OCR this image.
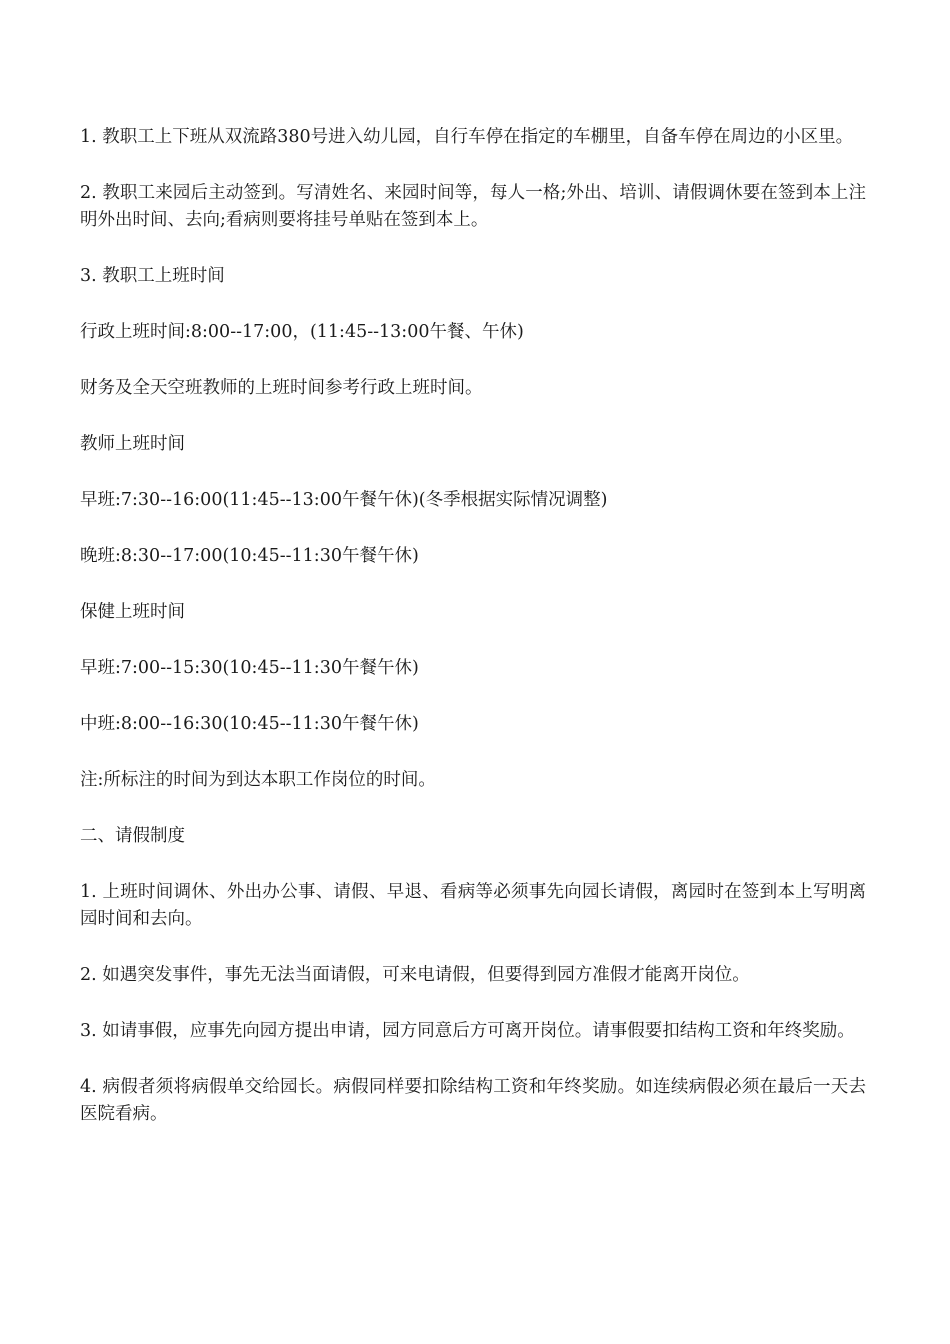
1. 教职工上下班从双流路380号进入幼儿园，自行车停在指定的车棚里，自备车停在周边的小区里。

2. 教职工来园后主动签到。写清姓名、来园时间等，每人一格;外出、培训、请假调休要在签到本上注明外出时间、去向;看病则要将挂号单贴在签到本上。

3. 教职工上班时间

行政上班时间:8:00--17:00，(11:45--13:00午餐、午休)

财务及全天空班教师的上班时间参考行政上班时间。

教师上班时间

早班:7:30--16:00(11:45--13:00午餐午休)(冬季根据实际情况调整)

晚班:8:30--17:00(10:45--11:30午餐午休)

保健上班时间

早班:7:00--15:30(10:45--11:30午餐午休)

中班:8:00--16:30(10:45--11:30午餐午休)

注:所标注的时间为到达本职工作岗位的时间。

二、请假制度

1. 上班时间调休、外出办公事、请假、早退、看病等必须事先向园长请假，离园时在签到本上写明离园时间和去向。

2. 如遇突发事件，事先无法当面请假，可来电请假，但要得到园方准假才能离开岗位。

3. 如请事假，应事先向园方提出申请，园方同意后方可离开岗位。请事假要扣结构工资和年终奖励。

4. 病假者须将病假单交给园长。病假同样要扣除结构工资和年终奖励。如连续病假必须在最后一天去医院看病。
